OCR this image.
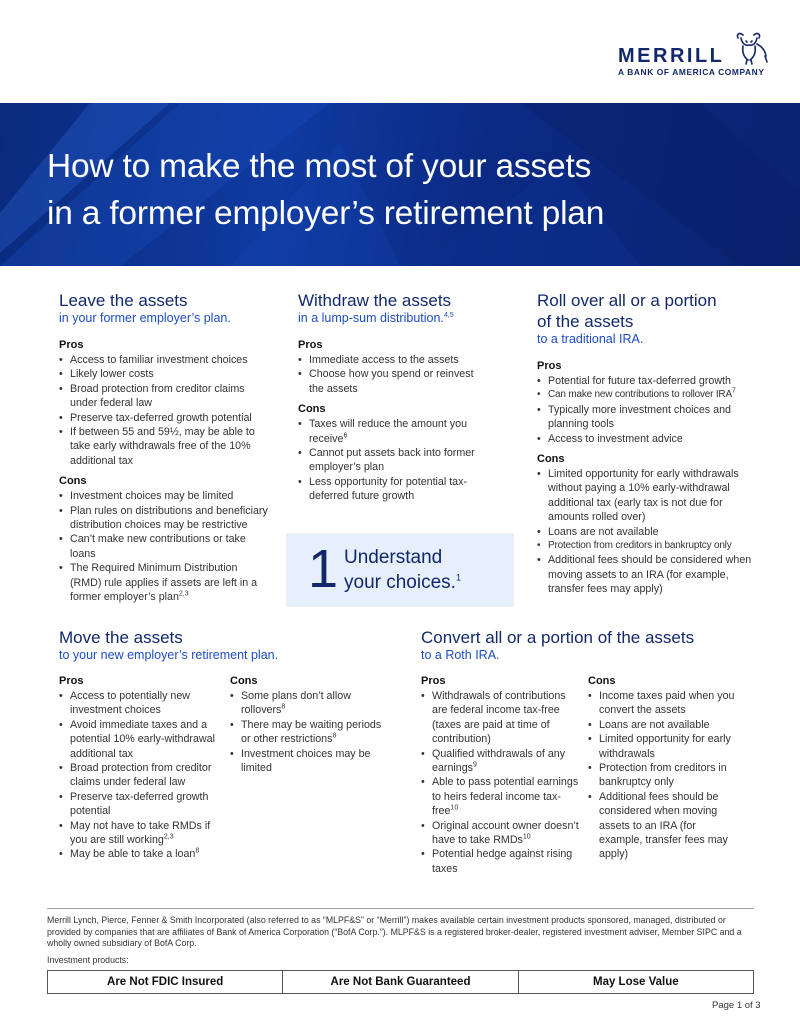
MERRILL
A BANK OF AMERICA COMPANY
How to make the most of your assets
in a former employer’s retirement plan
Leave the assets
in your former employer’s plan.
Pros
• Access to familiar investment choices
• Likely lower costs
• Broad protection from creditor claims under federal law
• Preserve tax-deferred growth potential
• If between 55 and 59½, may be able to take early withdrawals free of the 10% additional tax
Cons
• Investment choices may be limited
• Plan rules on distributions and beneficiary distribution choices may be restrictive
• Can’t make new contributions or take loans
• The Required Minimum Distribution (RMD) rule applies if assets are left in a former employer’s plan$^{2,3}$
Withdraw the assets
in a lump-sum distribution.$^{4,5}$
Pros
• Immediate access to the assets
• Choose how you spend or reinvest the assets
Cons
• Taxes will reduce the amount you receive$^6$
• Cannot put assets back into former employer’s plan
• Less opportunity for potential tax-deferred future growth
1 Understand
your choices.$^1$
Roll over all or a portion
of the assets
to a traditional IRA.
Pros
• Potential for future tax-deferred growth
• Can make new contributions to rollover IRA$^7$
• Typically more investment choices and planning tools
• Access to investment advice
Cons
• Limited opportunity for early withdrawals without paying a 10% early-withdrawal additional tax (early tax is not due for amounts rolled over)
• Loans are not available
• Protection from creditors in bankruptcy only
• Additional fees should be considered when moving assets to an IRA (for example, transfer fees may apply)
Move the assets
to your new employer’s retirement plan.
Pros
• Access to potentially new investment choices
• Avoid immediate taxes and a potential 10% early-withdrawal additional tax
• Broad protection from creditor claims under federal law
• Preserve tax-deferred growth potential
• May not have to take RMDs if you are still working$^{2,3}$
• May be able to take a loan$^8$
Cons
• Some plans don’t allow rollovers$^8$
• There may be waiting periods or other restrictions$^8$
• Investment choices may be limited
Convert all or a portion of the assets
to a Roth IRA.
Pros
• Withdrawals of contributions are federal income tax-free (taxes are paid at time of contribution)
• Qualified withdrawals of any earnings$^9$
• Able to pass potential earnings to heirs federal income tax-free$^{10}$
• Original account owner doesn’t have to take RMDs$^{10}$
• Potential hedge against rising taxes
Cons
• Income taxes paid when you convert the assets
• Loans are not available
• Limited opportunity for early withdrawals
• Protection from creditors in bankruptcy only
• Additional fees should be considered when moving assets to an IRA (for example, transfer fees may apply)
Merrill Lynch, Pierce, Fenner & Smith Incorporated (also referred to as “MLPF&S” or “Merrill”) makes available certain investment products sponsored, managed, distributed or provided by companies that are affiliates of Bank of America Corporation (“BofA Corp.”). MLPF&S is a registered broker-dealer, registered investment adviser, Member SIPC and a wholly owned subsidiary of BofA Corp.
Investment products:
Are Not FDIC Insured	Are Not Bank Guaranteed	May Lose Value
Page 1 of 3
